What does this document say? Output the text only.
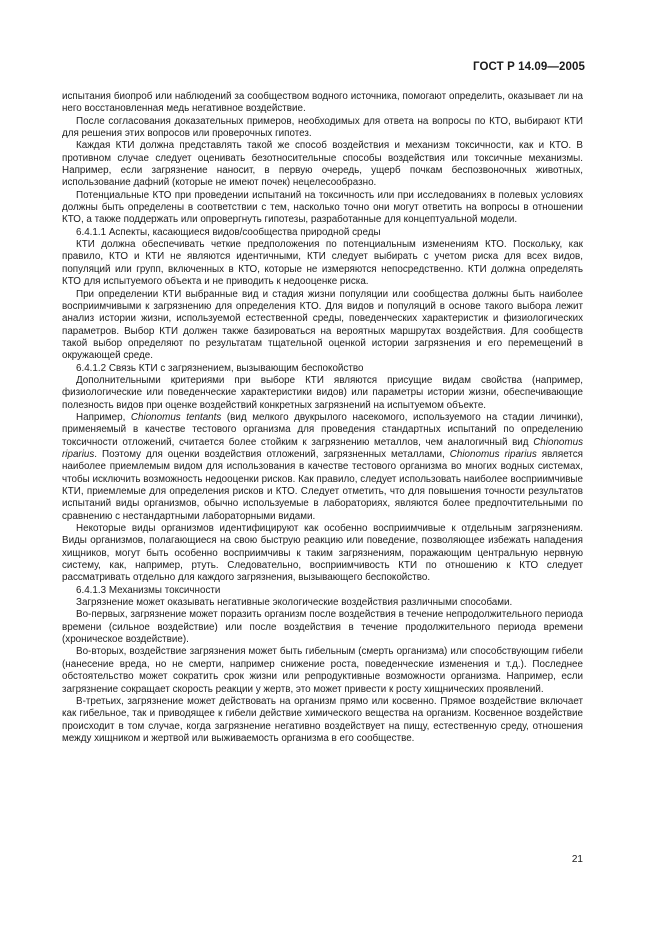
ГОСТ Р 14.09—2005

испытания биопроб или наблюдений за сообществом водного источника, помогают определить, оказывает ли на него восстановленная медь негативное воздействие.

После согласования доказательных примеров, необходимых для ответа на вопросы по КТО, выбирают КТИ для решения этих вопросов или проверочных гипотез.

Каждая КТИ должна представлять такой же способ воздействия и механизм токсичности, как и КТО. В противном случае следует оценивать безотносительные способы воздействия или токсичные механизмы. Например, если загрязнение наносит, в первую очередь, ущерб почкам беспозвоночных животных, использование дафний (которые не имеют почек) нецелесообразно.

Потенциальные КТО при проведении испытаний на токсичность или при исследованиях в полевых условиях должны быть определены в соответствии с тем, насколько точно они могут ответить на вопросы в отношении КТО, а также поддержать или опровергнуть гипотезы, разработанные для концептуальной модели.

6.4.1.1 Аспекты, касающиеся видов/сообщества природной среды

КТИ должна обеспечивать четкие предположения по потенциальным изменениям КТО. Поскольку, как правило, КТО и КТИ не являются идентичными, КТИ следует выбирать с учетом риска для всех видов, популяций или групп, включенных в КТО, которые не измеряются непосредственно. КТИ должна определять КТО для испытуемого объекта и не приводить к недооценке риска.

При определении КТИ выбранные вид и стадия жизни популяции или сообщества должны быть наиболее восприимчивыми к загрязнению для определения КТО. Для видов и популяций в основе такого выбора лежит анализ истории жизни, используемой естественной среды, поведенческих характеристик и физиологических параметров. Выбор КТИ должен также базироваться на вероятных маршрутах воздействия. Для сообществ такой выбор определяют по результатам тщательной оценкой истории загрязнения и его перемещений в окружающей среде.

6.4.1.2 Связь КТИ с загрязнением, вызывающим беспокойство

Дополнительными критериями при выборе КТИ являются присущие видам свойства (например, физиологические или поведенческие характеристики видов) или параметры истории жизни, обеспечивающие полезность видов при оценке воздействий конкретных загрязнений на испытуемом объекте.

Например, Chionomus tentants (вид мелкого двукрылого насекомого, используемого на стадии личинки), применяемый в качестве тестового организма для проведения стандартных испытаний по определению токсичности отложений, считается более стойким к загрязнению металлов, чем аналогичный вид Chionomus riparius. Поэтому для оценки воздействия отложений, загрязненных металлами, Chionomus riparius является наиболее приемлемым видом для использования в качестве тестового организма во многих водных системах, чтобы исключить возможность недооценки рисков. Как правило, следует использовать наиболее восприимчивые КТИ, приемлемые для определения рисков и КТО. Следует отметить, что для повышения точности результатов испытаний виды организмов, обычно используемые в лабораториях, являются более предпочтительными по сравнению с нестандартными лабораторными видами.

Некоторые виды организмов идентифицируют как особенно восприимчивые к отдельным загрязнениям. Виды организмов, полагающиеся на свою быструю реакцию или поведение, позволяющее избежать нападения хищников, могут быть особенно восприимчивы к таким загрязнениям, поражающим центральную нервную систему, как, например, ртуть. Следовательно, восприимчивость КТИ по отношению к КТО следует рассматривать отдельно для каждого загрязнения, вызывающего беспокойство.

6.4.1.3 Механизмы токсичности

Загрязнение может оказывать негативные экологические воздействия различными способами.

Во-первых, загрязнение может поразить организм после воздействия в течение непродолжительного периода времени (сильное воздействие) или после воздействия в течение продолжительного периода времени (хроническое воздействие).

Во-вторых, воздействие загрязнения может быть гибельным (смерть организма) или способствующим гибели (нанесение вреда, но не смерти, например снижение роста, поведенческие изменения и т.д.). Последнее обстоятельство может сократить срок жизни или репродуктивные возможности организма. Например, если загрязнение сокращает скорость реакции у жертв, это может привести к росту хищнических проявлений.

В-третьих, загрязнение может действовать на организм прямо или косвенно. Прямое воздействие включает как гибельное, так и приводящее к гибели действие химического вещества на организм. Косвенное воздействие происходит в том случае, когда загрязнение негативно воздействует на пищу, естественную среду, отношения между хищником и жертвой или выживаемость организма в его сообществе.

21
